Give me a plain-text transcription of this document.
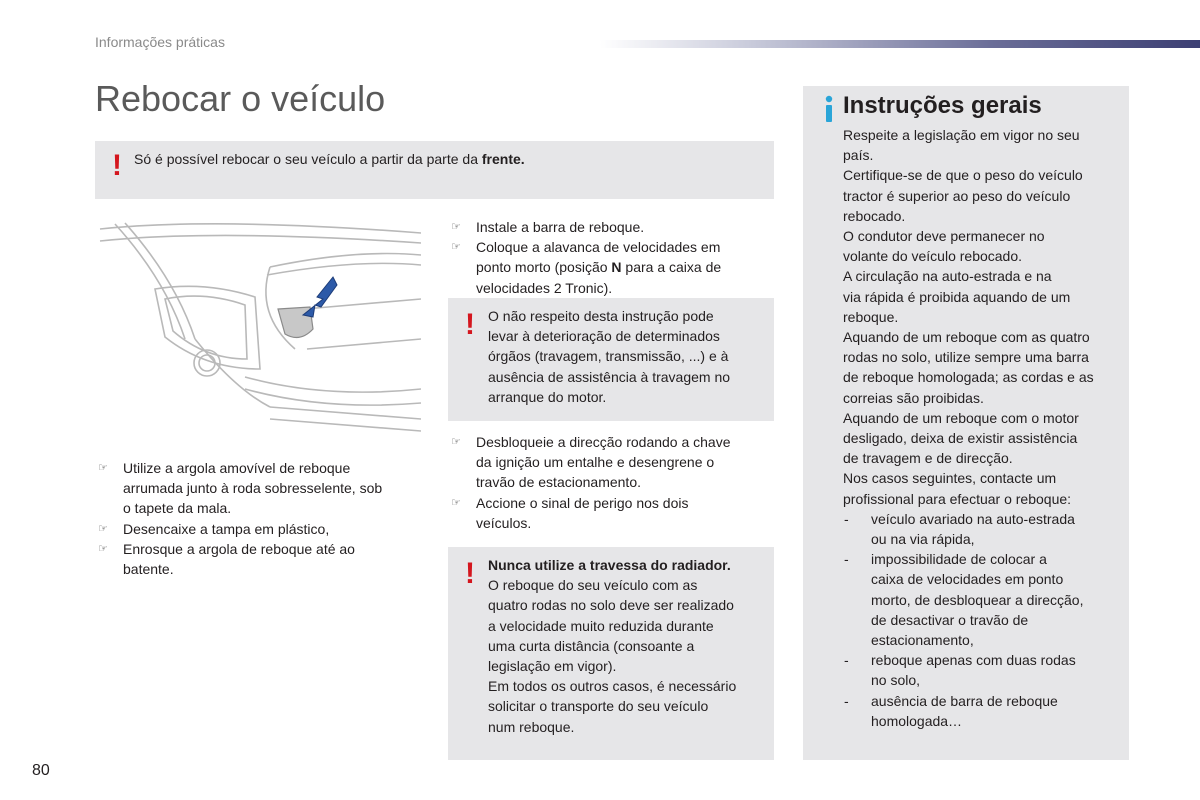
Informações práticas
Rebocar o veículo
! Só é possível rebocar o seu veículo a partir da parte da frente.
☞ Utilize a argola amovível de reboque
arrumada junto à roda sobresselente, sob
o tapete da mala.
☞ Desencaixe a tampa em plástico,
☞ Enrosque a argola de reboque até ao
batente.
☞ Instale a barra de reboque.
☞ Coloque a alavanca de velocidades em
ponto morto (posição N para a caixa de
velocidades 2 Tronic).
! O não respeito desta instrução pode
levar à deterioração de determinados
órgãos (travagem, transmissão, ...) e à
ausência de assistência à travagem no
arranque do motor.
☞ Desbloqueie a direcção rodando a chave
da ignição um entalhe e desengrene o
travão de estacionamento.
☞ Accione o sinal de perigo nos dois
veículos.
! Nunca utilize a travessa do radiador.
O reboque do seu veículo com as
quatro rodas no solo deve ser realizado
a velocidade muito reduzida durante
uma curta distância (consoante a
legislação em vigor).
Em todos os outros casos, é necessário
solicitar o transporte do seu veículo
num reboque.
Instruções gerais

Respeite a legislação em vigor no seu
país.

Certifique-se de que o peso do veículo
tractor é superior ao peso do veículo
rebocado.

O condutor deve permanecer no
volante do veículo rebocado.

A circulação na auto-estrada e na
via rápida é proibida aquando de um
reboque.

Aquando de um reboque com as quatro
rodas no solo, utilize sempre uma barra
de reboque homologada; as cordas e as
correias são proibidas.

Aquando de um reboque com o motor
desligado, deixa de existir assistência
de travagem e de direcção.

Nos casos seguintes, contacte um
profissional para efectuar o reboque:

- veículo avariado na auto-estrada
ou na via rápida,
- impossibilidade de colocar a
caixa de velocidades em ponto
morto, de desbloquear a direcção,
de desactivar o travão de
estacionamento,
- reboque apenas com duas rodas
no solo,
- ausência de barra de reboque
homologada…
80
